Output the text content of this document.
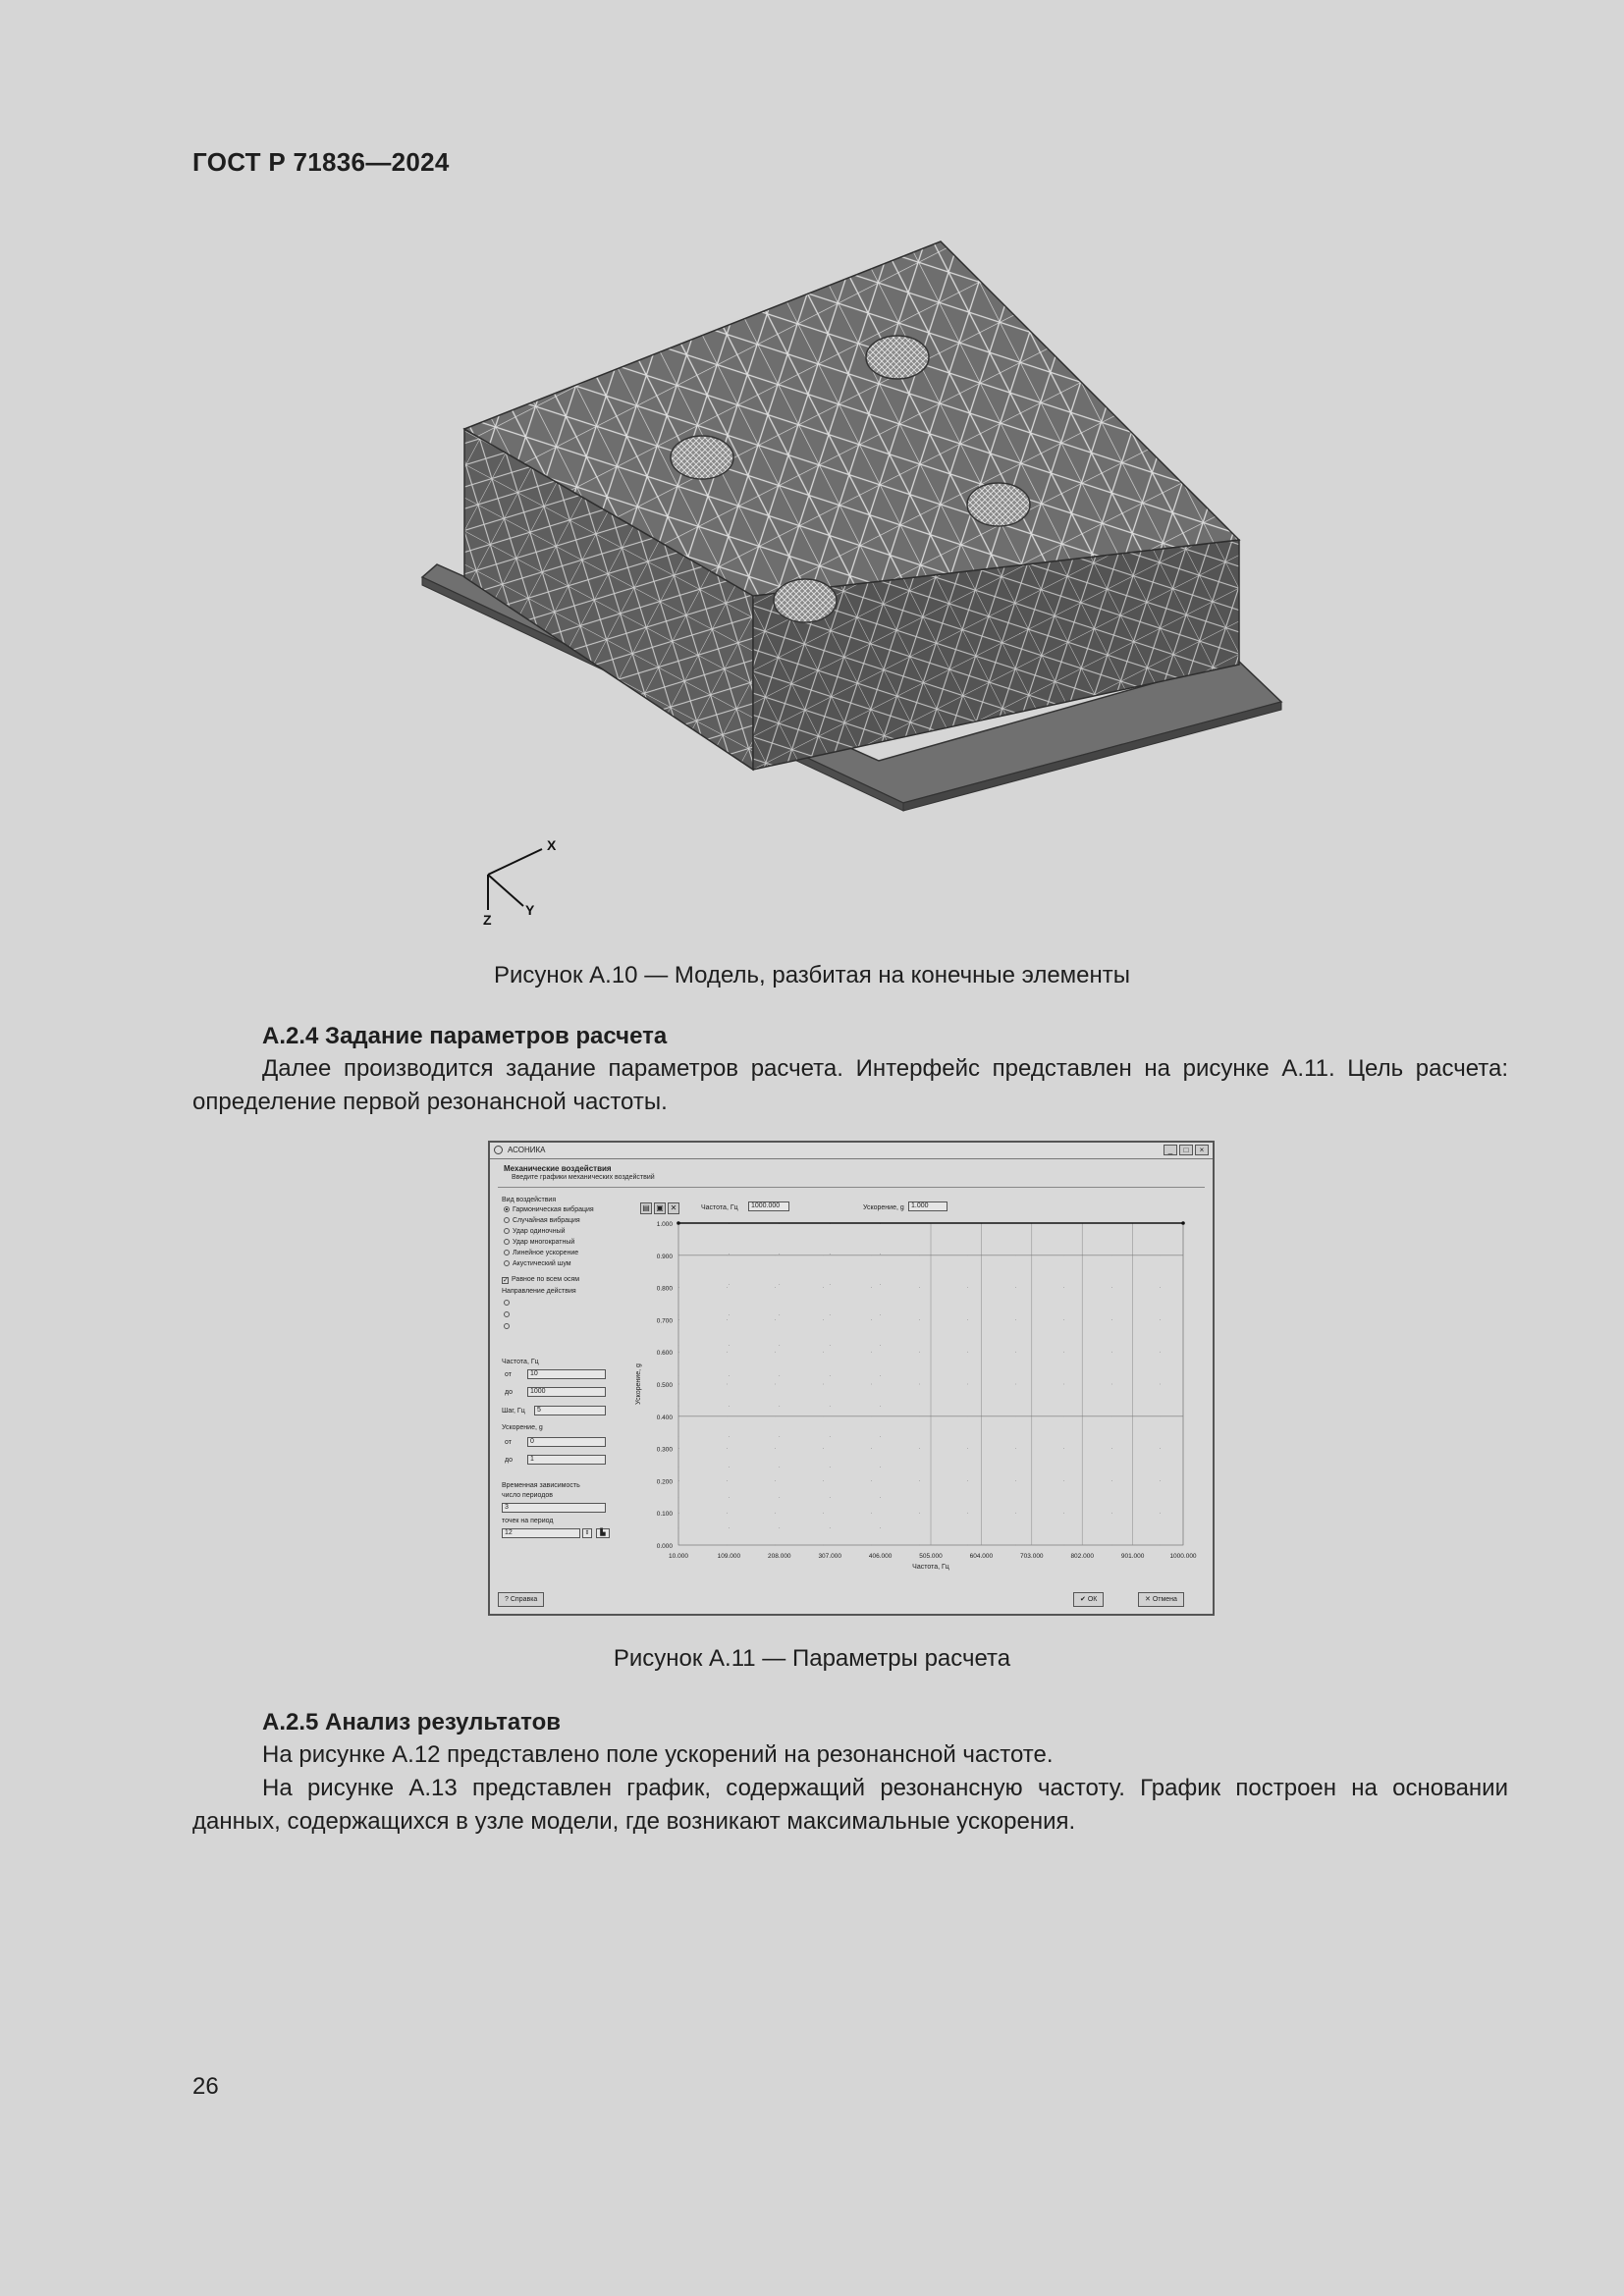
ГОСТ Р 71836—2024
X
Y
Z
Рисунок А.10 — Модель, разбитая на конечные элементы
А.2.4 Задание параметров расчета
Далее производится задание параметров расчета. Интерфейс представлен на рисунке А.11. Цель расчета: определение первой резонансной частоты.
АСОНИКА	_	□	×
Механические воздействия
Введите графики механических воздействий
Вид воздействия
Гармоническая вибрация
Случайная вибрация
Удар одиночный
Удар многократный
Линейное ускорение
Акустический шум
✓ Равное по всем осям
Направление действия
Частота, Гц
от	10
до	1000
Шаг, Гц	5
Ускорение, g
от	0
до	1
Временная зависимость
число периодов
3
точек на период
12	⇕	▙
▤ ▣ ✕	Частота, Гц	1000.000	Ускорение, g	1.000
0.000
0.100
0.200
0.300
0.400
0.500
0.600
0.700
0.800
0.900
1.000
10.000	109.000	208.000	307.000	406.000	505.000	604.000	703.000	802.000	901.000	1000.000
Частота, Гц
Ускорение, g
? Справка	✔ ОК	✕ Отмена
Рисунок А.11 — Параметры расчета
А.2.5 Анализ результатов
На рисунке А.12 представлено поле ускорений на резонансной частоте.
На рисунке А.13 представлен график, содержащий резонансную частоту. График построен на основании данных, содержащихся в узле модели, где возникают максимальные ускорения.
26
